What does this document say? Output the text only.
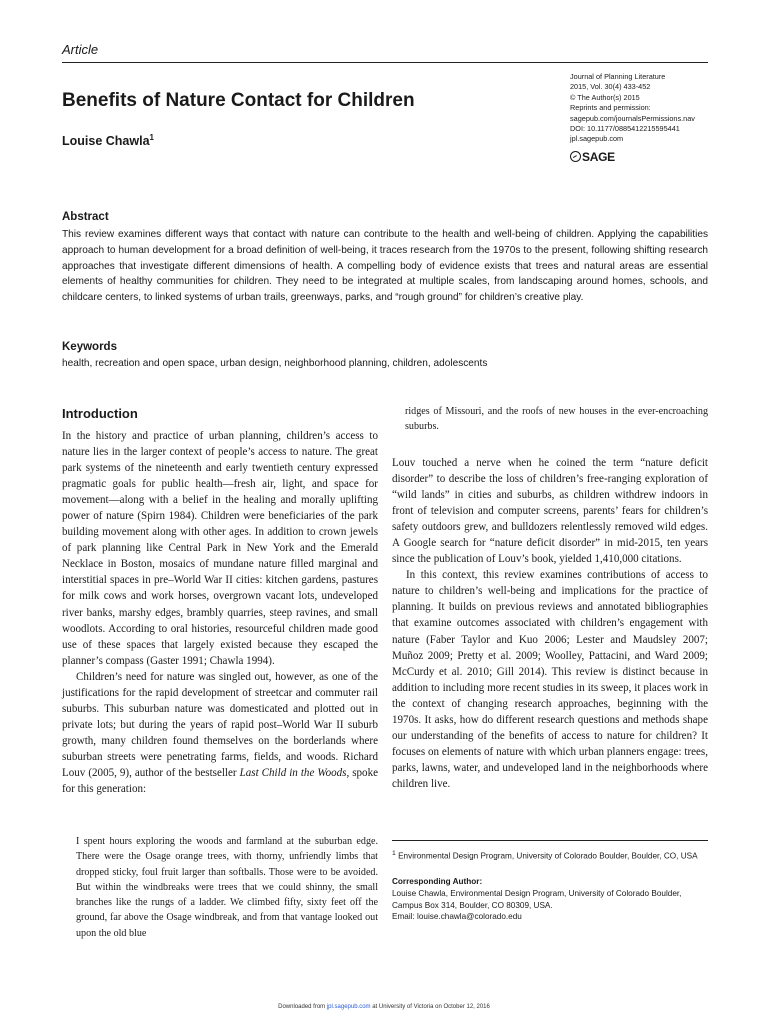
Article
Benefits of Nature Contact for Children
Louise Chawla$^1$
Journal of Planning Literature
2015, Vol. 30(4) 433-452
© The Author(s) 2015
Reprints and permission:
sagepub.com/journalsPermissions.nav
DOI: 10.1177/0885412215595441
jpl.sagepub.com
SAGE
Abstract
This review examines different ways that contact with nature can contribute to the health and well-being of children. Applying the capabilities approach to human development for a broad definition of well-being, it traces research from the 1970s to the present, following shifting research approaches that investigate different dimensions of health. A compelling body of evidence exists that trees and natural areas are essential elements of healthy communities for children. They need to be integrated at multiple scales, from landscaping around homes, schools, and childcare centers, to linked systems of urban trails, greenways, parks, and “rough ground” for children’s creative play.
Keywords
health, recreation and open space, urban design, neighborhood planning, children, adolescents
Introduction

In the history and practice of urban planning, children’s access to nature lies in the larger context of people’s access to nature. The great park systems of the nineteenth and early twentieth century expressed pragmatic goals for public health—fresh air, light, and space for movement—along with a belief in the healing and morally uplifting power of nature (Spirn 1984). Children were beneficiaries of the park building movement along with other ages. In addition to crown jewels of park planning like Central Park in New York and the Emerald Necklace in Boston, mosaics of mundane nature filled marginal and interstitial spaces in pre–World War II cities: kitchen gardens, pastures for milk cows and work horses, overgrown vacant lots, undeveloped river banks, marshy edges, brambly quarries, steep ravines, and small woodlots. According to oral histories, resourceful children made good use of these spaces that largely existed because they escaped the planner’s compass (Gaster 1991; Chawla 1994).

Children’s need for nature was singled out, however, as one of the justifications for the rapid development of streetcar and commuter rail suburbs. This suburban nature was domesticated and plotted out in private lots; but during the years of rapid post–World War II suburb growth, many children found themselves on the borderlands where suburban streets were penetrating farms, fields, and woods. Richard Louv (2005, 9), author of the bestseller Last Child in the Woods, spoke for this generation:

I spent hours exploring the woods and farmland at the suburban edge. There were the Osage orange trees, with thorny, unfriendly limbs that dropped sticky, foul fruit larger than softballs. Those were to be avoided. But within the windbreaks were trees that we could shinny, the small branches like the rungs of a ladder. We climbed fifty, sixty feet off the ground, far above the Osage windbreak, and from that vantage looked out upon the old blue
ridges of Missouri, and the roofs of new houses in the ever-encroaching suburbs.

Louv touched a nerve when he coined the term “nature deficit disorder” to describe the loss of children’s free-ranging exploration of “wild lands” in cities and suburbs, as children withdrew indoors in front of television and computer screens, parents’ fears for children’s safety outdoors grew, and bulldozers relentlessly removed wild edges. A Google search for “nature deficit disorder” in mid-2015, ten years since the publication of Louv’s book, yielded 1,410,000 citations.

In this context, this review examines contributions of access to nature to children’s well-being and implications for the practice of planning. It builds on previous reviews and annotated bibliographies that examine outcomes associated with children’s engagement with nature (Faber Taylor and Kuo 2006; Lester and Maudsley 2007; Muñoz 2009; Pretty et al. 2009; Woolley, Pattacini, and Ward 2009; McCurdy et al. 2010; Gill 2014). This review is distinct because in addition to including more recent studies in its sweep, it places work in the context of changing research approaches, beginning with the 1970s. It asks, how do different research questions and methods shape our understanding of the benefits of access to nature for children? It focuses on elements of nature with which urban planners engage: trees, parks, lawns, water, and undeveloped land in the neighborhoods where children live.

$^1$ Environmental Design Program, University of Colorado Boulder, Boulder, CO, USA
Corresponding Author:
Louise Chawla, Environmental Design Program, University of Colorado Boulder, Campus Box 314, Boulder, CO 80309, USA.
Email: louise.chawla@colorado.edu
Downloaded from jpl.sagepub.com at University of Victoria on October 12, 2016
